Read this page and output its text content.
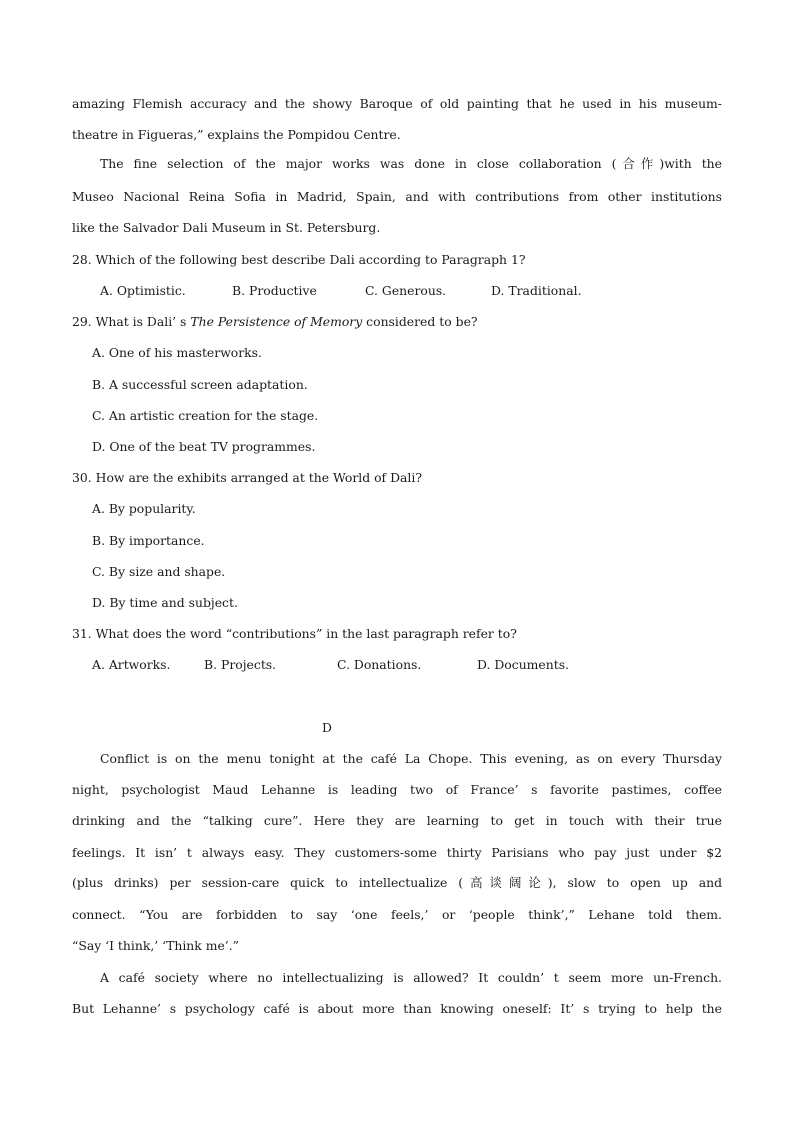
amazing Flemish accuracy and the showy Baroque of old painting that he used in his museum-
theatre in Figueras,” explains the Pompidou Centre.
The fine selection of the major works was done in close collaboration (合作)with the
Museo Nacional Reina Sofia in Madrid, Spain, and with contributions from other institutions
like the Salvador Dali Museum in St. Petersburg.
28. Which of the following best describe Dali according to Paragraph 1?
A. Optimistic.	B. Productive	C. Generous.	D. Traditional.
29. What is Dali’ s The Persistence of Memory considered to be?
A. One of his masterworks.
B. A successful screen adaptation.
C. An artistic creation for the stage.
D. One of the beat TV programmes.
30. How are the exhibits arranged at the World of Dali?
A. By popularity.
B. By importance.
C. By size and shape.
D. By time and subject.
31. What does the word “contributions” in the last paragraph refer to?
A. Artworks.	B. Projects.	C. Donations.	D. Documents.
D
Conflict is on the menu tonight at the café La Chope. This evening, as on every Thursday
night, psychologist Maud Lehanne is leading two of France’ s favorite pastimes, coffee
drinking and the “talking cure”. Here they are learning to get in touch with their true
feelings. It isn’ t always easy. They customers-some thirty Parisians who pay just under $2
(plus drinks) per session-care quick to intellectualize (高谈阔论), slow to open up and
connect. “You are forbidden to say ‘one feels,’ or ‘people think’,” Lehane told them.
“Say ‘I think,’ ‘Think me’.”
A café society where no intellectualizing is allowed? It couldn’ t seem more un-French.
But Lehanne’ s psychology café is about more than knowing oneself: It’ s trying to help the
